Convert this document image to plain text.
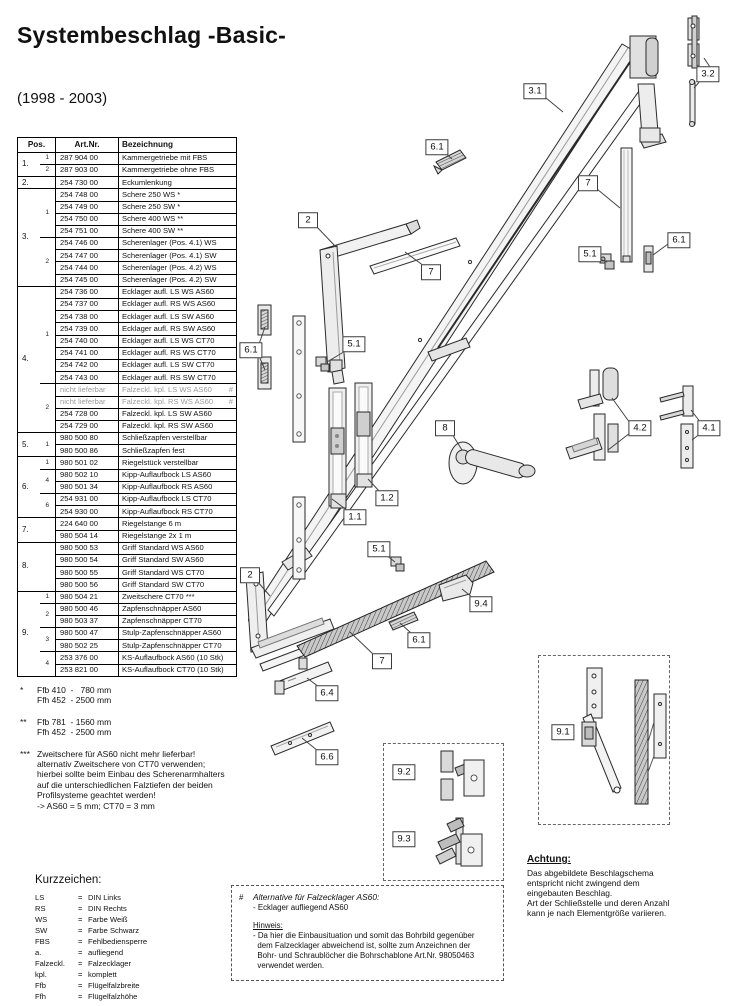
Systembeschlag -Basic-
(1998 - 2003)
Pos.		Art.Nr.	Bezeichnung
1.	1	287 904 00	Kammergetriebe mit FBS
	2	287 903 00	Kammergetriebe ohne FBS
2.		254 730 00	Eckumlenkung
3.	1	254 748 00	Schere 250 WS *
		254 749 00	Schere 250 SW *
		254 750 00	Schere 400 WS **
		254 751 00	Schere 400 SW **
	2	254 746 00	Scherenlager (Pos. 4.1) WS
		254 747 00	Scherenlager (Pos. 4.1) SW
		254 744 00	Scherenlager (Pos. 4.2) WS
		254 745 00	Scherenlager (Pos. 4.2) SW
4.	1	254 736 00	Ecklager aufl. LS WS AS60
		254 737 00	Ecklager aufl. RS WS AS60
		254 738 00	Ecklager aufl. LS SW AS60
		254 739 00	Ecklager aufl. RS SW AS60
		254 740 00	Ecklager aufl. LS WS CT70
		254 741 00	Ecklager aufl. RS WS CT70
		254 742 00	Ecklager aufl. LS SW CT70
		254 743 00	Ecklager aufl. RS SW CT70
	2	nicht lieferbar	Falzeckl. kpl. LS WS AS60 #

		nicht lieferbar	Falzeckl. kpl. RS WS AS60 #

		254 728 00	Falzeckl. kpl. LS SW AS60
		254 729 00	Falzeckl. kpl. RS SW AS60
5.	1	980 500 80	Schließzapfen verstellbar
		980 500 86	Schließzapfen fest
6.	1	980 501 02	Riegelstück verstellbar
	4	980 502 10	Kipp-Auflaufbock LS AS60
		980 501 34	Kipp-Auflaufbock RS AS60
	6	254 931 00	Kipp-Auflaufbock LS CT70
		254 930 00	Kipp-Auflaufbock RS CT70
7.		224 640 00	Riegelstange 6 m
		980 504 14	Riegelstange 2x 1 m
8.		980 500 53	Griff Standard WS AS60
		980 500 54	Griff Standard SW AS60
		980 500 55	Griff Standard WS CT70
		980 500 56	Griff Standard SW CT70
9.	1	980 504 21	Zweitschere CT70 ***
	2	980 500 46	Zapfenschnäpper AS60
		980 503 37	Zapfenschnäpper CT70
	3	980 500 47	Stulp-Zapfenschnäpper AS60
		980 502 25	Stulp-Zapfenschnäpper CT70
	4	253 376 00	KS-Auflaufbock AS60 (10 Stk)
		253 821 00	KS-Auflaufbock CT70 (10 Stk)
*	Ffb 410  -   780 mm
Ffh 452  - 2500 mm
**	Ffb 781  - 1560 mm
Ffh 452  - 2500 mm
*** Zweitschere für AS60 nicht mehr lieferbar!
alternativ Zweitschere von CT70 verwenden;
hierbei sollte beim Einbau des Scherenarmhalters
auf die unterschiedlichen Falztiefen der beiden
Profilsysteme geachtet werden!
-> AS60 = 5 mm; CT70 = 3 mm
Kurzzeichen:
LS	= DIN Links
RS	= DIN Rechts
WS	= Farbe Weiß
SW	= Farbe Schwarz
FBS	= Fehlbediensperre
a.	= aufliegend
Falzeckl.	= Falzecklager
kpl.	= komplett
Ffb	= Flügelfalzbreite
Ffh	= Flügelfalzhöhe
Achtung:
Das abgebildete Beschlagschema
entspricht nicht zwingend dem
eingebauten Beschlag.
Art der Schließstelle und deren Anzahl
kann je nach Elementgröße variieren.
3.1
3.2
6.1
7
2
6.1
5.1
7
5.1
6.1
8	4.2	4.1
1.2
1.1
5.1
2
9.4
6.1
7
6.4
6.6
9.2
9.3
9.1
#	Alternative für Falzecklager AS60:
- Ecklager aufliegend AS60
Hinweis:
- Da hier die Einbausituation und somit das Bohrbild gegenüber
dem Falzecklager abweichend ist, sollte zum Anzeichnen der
Bohr- und Schraublöcher die Bohrschablone Art.Nr. 98050463
verwendet werden.
